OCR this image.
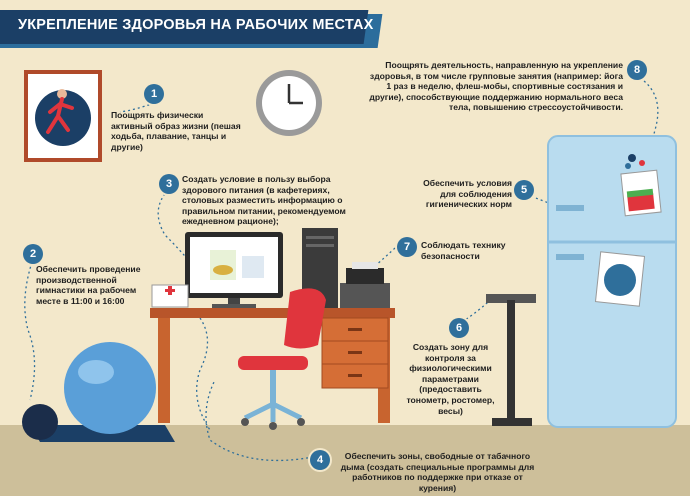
УКРЕПЛЕНИЕ ЗДОРОВЬЯ НА РАБОЧИХ МЕСТАХ
1
2
3
4
5
6
7
8
Поощрять физически активный образ жизни (пешая ходьба, плавание, танцы и другие)
Обеспечить проведение производственной гимнастики на рабочем месте в 11:00 и 16:00
Создать условие в пользу выбора здорового питания (в кафетериях, столовых разместить информацию о правильном питании, рекомендуемом ежедневном рационе);
Обеспечить зоны, свободные от табачного дыма (создать специальные программы для работников по поддержке при отказе от курения)
Обеспечить условия для соблюдения гигиенических норм
Создать зону для контроля за физиологическими параметрами (предоставить тонометр, ростомер, весы)
Соблюдать технику безопасности
Поощрять деятельность, направленную на укрепление здоровья, в том числе групповые занятия (например: йога 1 раз в неделю, флеш-мобы, спортивные состязания и другие), способствующие поддержанию нормального веса тела, повышению стрессоустойчивости.
